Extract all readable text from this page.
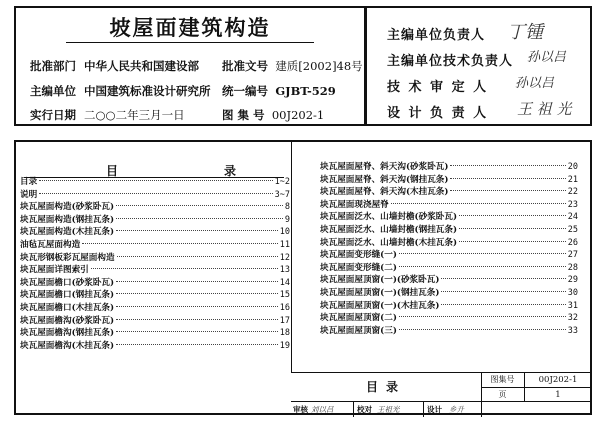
坡屋面建筑构造
批准部门 中华人民共和国建设部 批准文号 建质[2002]48号
主编单位 中国建筑标准设计研究所 统一编号 GJBT-529
实行日期 二○○二年三月一日	图 集 号 00J202-1
主编单位负责人 丁锺
主编单位技术负责人 孙以吕
技 术 审 定 人 孙以吕
设 计 负 责 人 王 祖 光
目	录
目录	1~2
说明	3~7
块瓦屋面构造(砂浆卧瓦)	8
块瓦屋面构造(钢挂瓦条)	9
块瓦屋面构造(木挂瓦条)	10
油毡瓦屋面构造	11
块瓦形钢板彩瓦屋面构造	12
块瓦屋面详图索引	13
块瓦屋面檐口(砂浆卧瓦)	14
块瓦屋面檐口(钢挂瓦条)	15
块瓦屋面檐口(木挂瓦条)	16
块瓦屋面檐沟(砂浆卧瓦)	17
块瓦屋面檐沟(钢挂瓦条)	18
块瓦屋面檐沟(木挂瓦条)	19
块瓦屋面屋脊、斜天沟(砂浆卧瓦)	20
块瓦屋面屋脊、斜天沟(钢挂瓦条)	21
块瓦屋面屋脊、斜天沟(木挂瓦条)	22
块瓦屋面现浇屋脊	23
块瓦屋面泛水、山墙封檐(砂浆卧瓦)	24
块瓦屋面泛水、山墙封檐(钢挂瓦条)	25
块瓦屋面泛水、山墙封檐(木挂瓦条)	26
块瓦屋面变形缝(一)	27
块瓦屋面变形缝(二)	28
块瓦屋面屋顶窗(一)(砂浆卧瓦)	29
块瓦屋面屋顶窗(一)(钢挂瓦条)	30
块瓦屋面屋顶窗(一)(木挂瓦条)	31
块瓦屋面屋顶窗(二)	32
块瓦屋面屋顶窗(三)	33
目录
图集号	00J202-1
页	1
审核 刘以吕	校对 王祖光	设计 乡升
